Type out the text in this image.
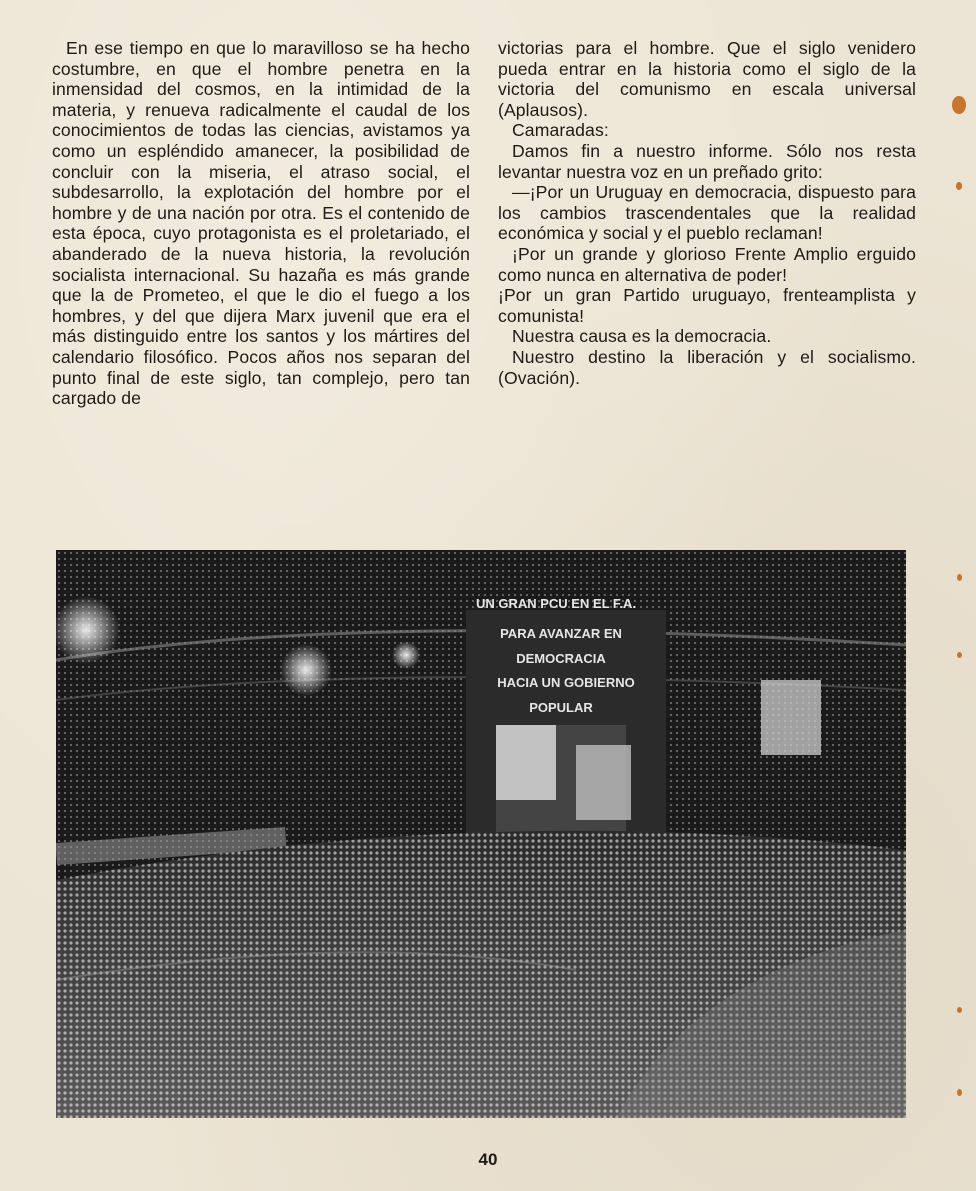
En ese tiempo en que lo maravilloso se ha hecho costumbre, en que el hombre penetra en la inmensidad del cosmos, en la intimidad de la materia, y renueva radicalmente el caudal de los conocimientos de todas las ciencias, avistamos ya como un espléndido amanecer, la posibilidad de concluir con la miseria, el atraso social, el subdesarrollo, la explotación del hombre por el hombre y de una nación por otra. Es el contenido de esta época, cuyo protagonista es el proletariado, el abanderado de la nueva historia, la revolución socialista internacional. Su hazaña es más grande que la de Prometeo, el que le dio el fuego a los hombres, y del que dijera Marx juvenil que era el más distinguido entre los santos y los mártires del calendario filosófico. Pocos años nos separan del punto final de este siglo, tan complejo, pero tan cargado de

victorias para el hombre. Que el siglo venidero pueda entrar en la historia como el siglo de la victoria del comunismo en escala universal (Aplausos).

Camaradas:

Damos fin a nuestro informe. Sólo nos resta levantar nuestra voz en un preñado grito:

—¡Por un Uruguay en democracia, dispuesto para los cambios trascendentales que la realidad económica y social y el pueblo reclaman!

¡Por un grande y glorioso Frente Amplio erguido como nunca en alternativa de poder!

¡Por un gran Partido uruguayo, frenteamplista y comunista!

Nuestra causa es la democracia.

Nuestro destino la liberación y el socialismo. (Ovación).

UN GRAN PCU EN EL F.A.
PARA AVANZAR EN
DEMOCRACIA
HACIA UN GOBIERNO
POPULAR
40
